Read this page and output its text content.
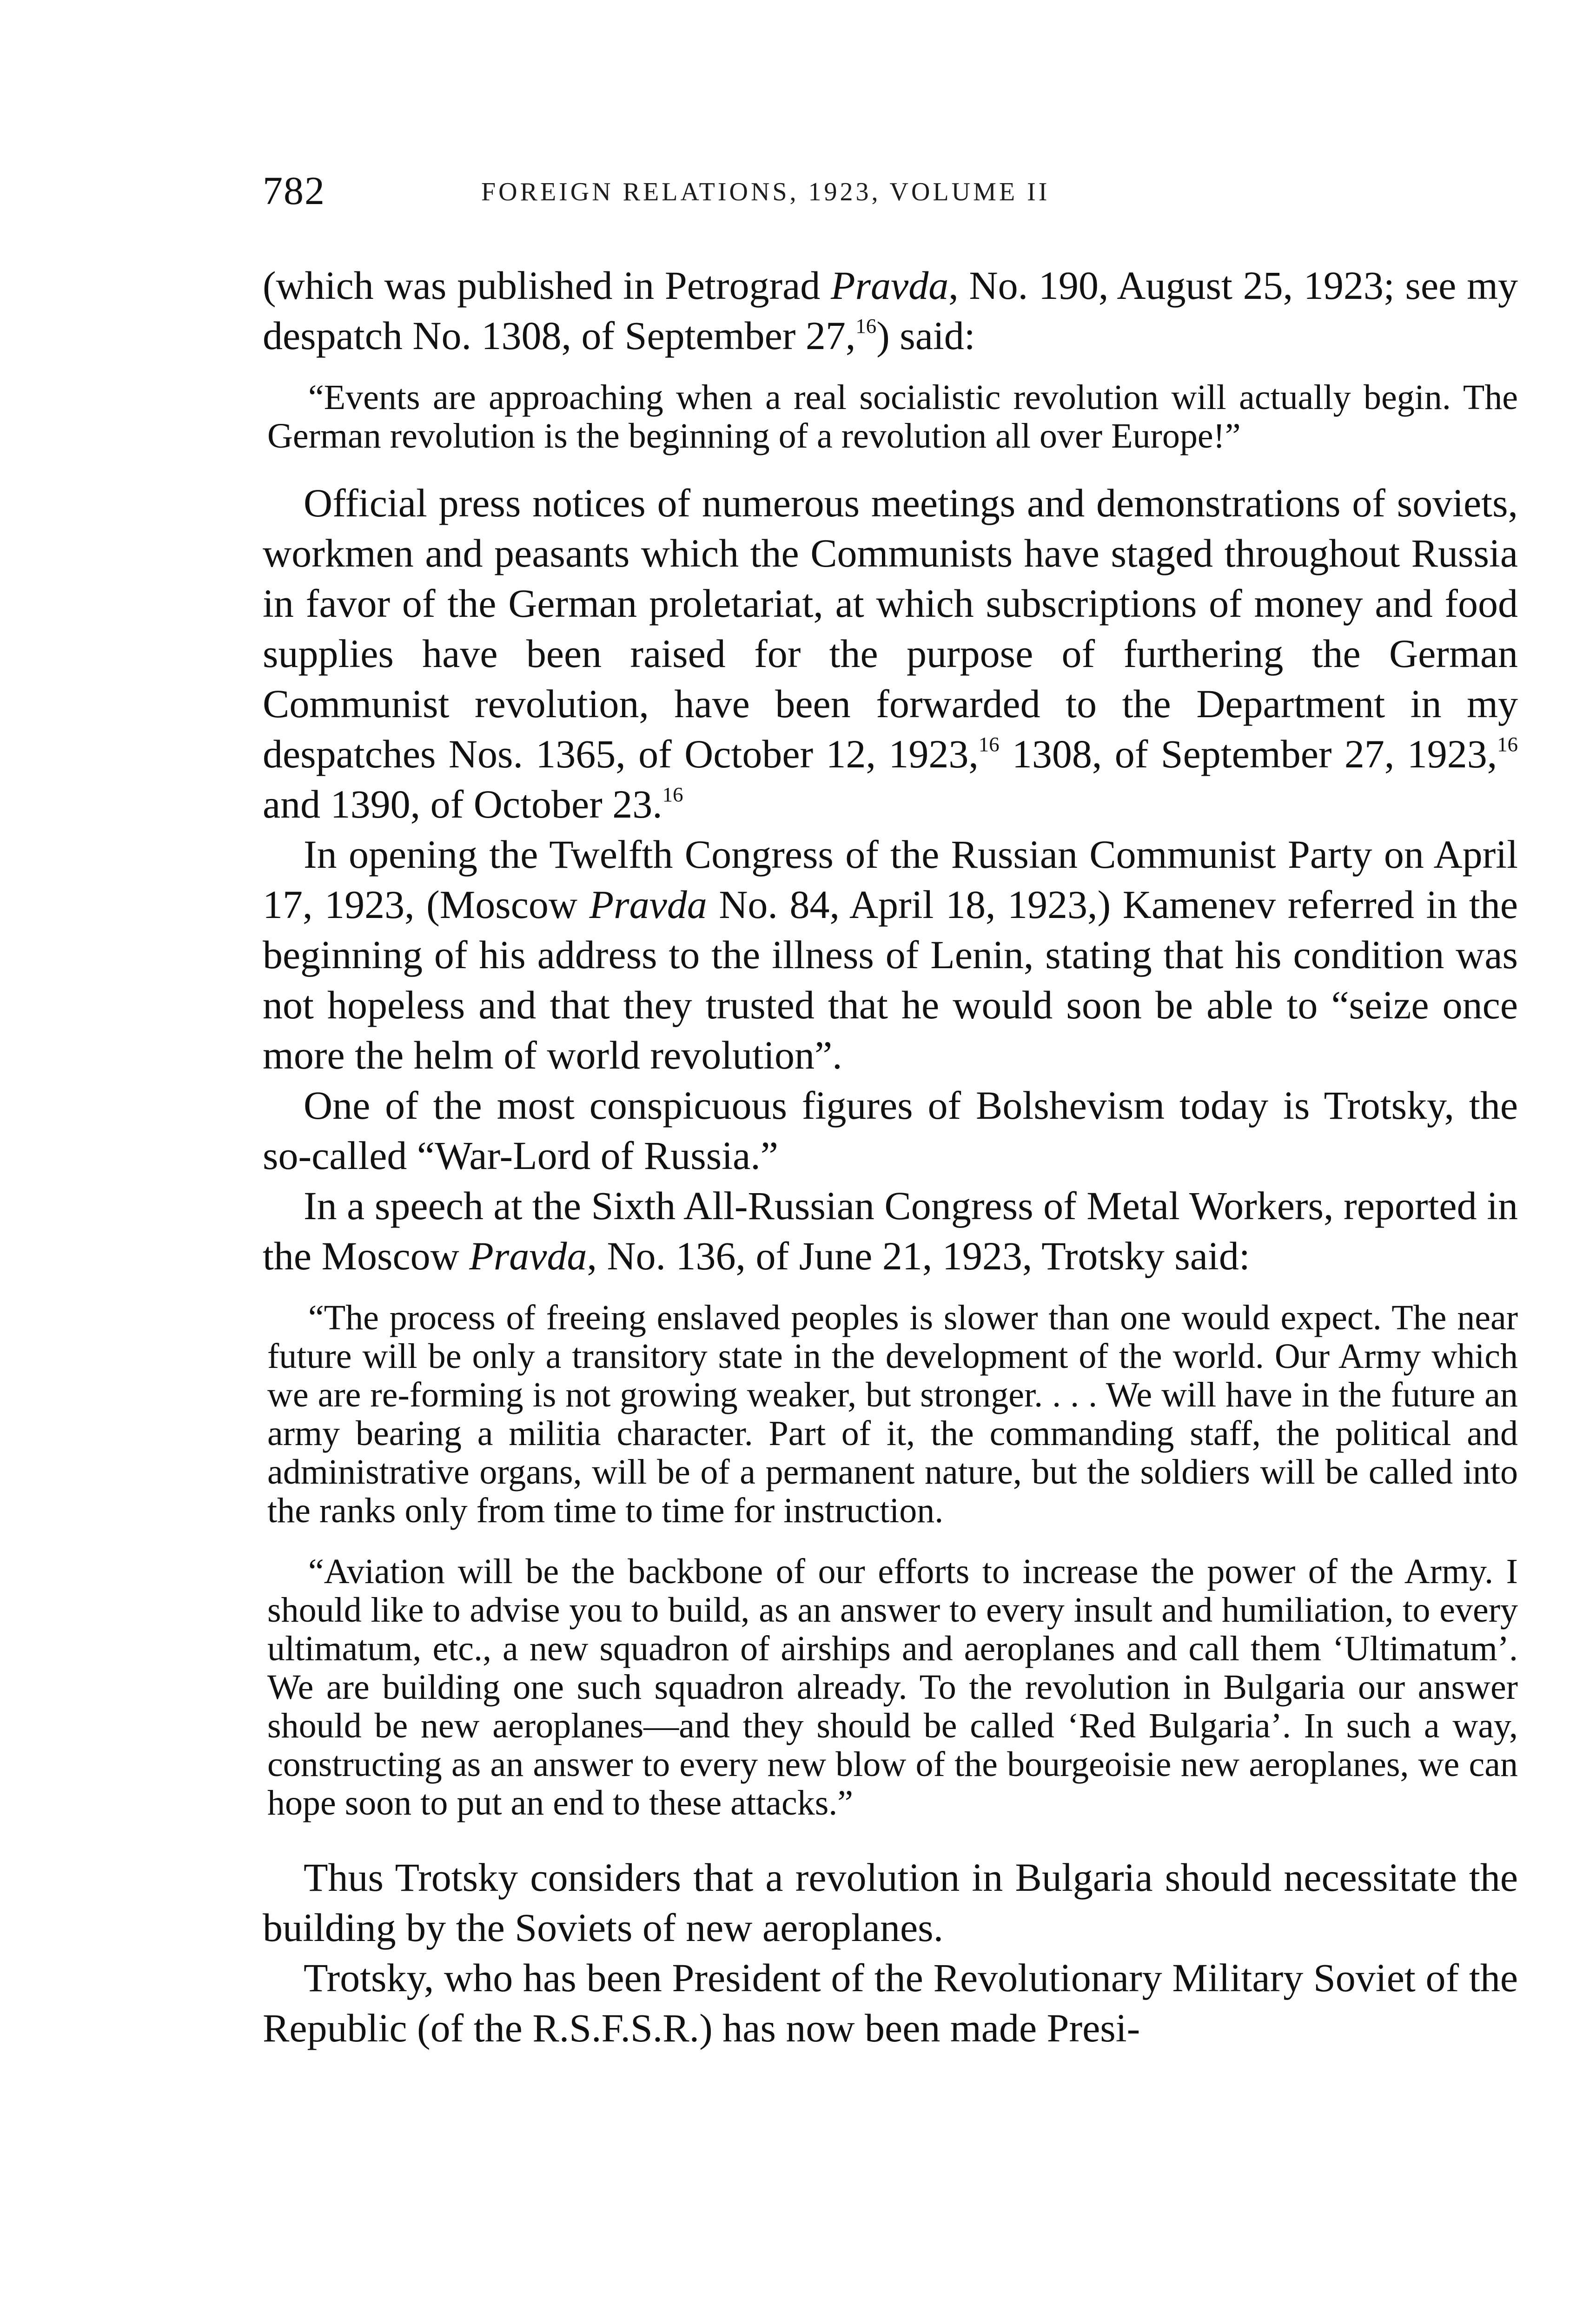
782	FOREIGN RELATIONS, 1923, VOLUME II

(which was published in Petrograd Pravda, No. 190, August 25, 1923; see my despatch No. 1308, of September 27,16) said:

“Events are approaching when a real socialistic revolution will actually begin. The German revolution is the beginning of a revolution all over Europe!”

Official press notices of numerous meetings and demonstrations of soviets, workmen and peasants which the Communists have staged throughout Russia in favor of the German proletariat, at which subscriptions of money and food supplies have been raised for the purpose of furthering the German Communist revolution, have been forwarded to the Department in my despatches Nos. 1365, of October 12, 1923,16 1308, of September 27, 1923,16 and 1390, of October 23.16

In opening the Twelfth Congress of the Russian Communist Party on April 17, 1923, (Moscow Pravda No. 84, April 18, 1923,) Kamenev referred in the beginning of his address to the illness of Lenin, stating that his condition was not hopeless and that they trusted that he would soon be able to “seize once more the helm of world revolution”.

One of the most conspicuous figures of Bolshevism today is Trotsky, the so-called “War-Lord of Russia.”

In a speech at the Sixth All-Russian Congress of Metal Workers, reported in the Moscow Pravda, No. 136, of June 21, 1923, Trotsky said:

“The process of freeing enslaved peoples is slower than one would expect. The near future will be only a transitory state in the development of the world. Our Army which we are re-forming is not growing weaker, but stronger. . . . We will have in the future an army bearing a militia character. Part of it, the commanding staff, the political and administrative organs, will be of a permanent nature, but the soldiers will be called into the ranks only from time to time for instruction.

“Aviation will be the backbone of our efforts to increase the power of the Army. I should like to advise you to build, as an answer to every insult and humiliation, to every ultimatum, etc., a new squadron of airships and aeroplanes and call them ‘Ultimatum’. We are building one such squadron already. To the revolution in Bulgaria our answer should be new aeroplanes—and they should be called ‘Red Bulgaria’. In such a way, constructing as an answer to every new blow of the bourgeoisie new aeroplanes, we can hope soon to put an end to these attacks.”

Thus Trotsky considers that a revolution in Bulgaria should necessitate the building by the Soviets of new aeroplanes.

Trotsky, who has been President of the Revolutionary Military Soviet of the Republic (of the R.S.F.S.R.) has now been made Presi-
